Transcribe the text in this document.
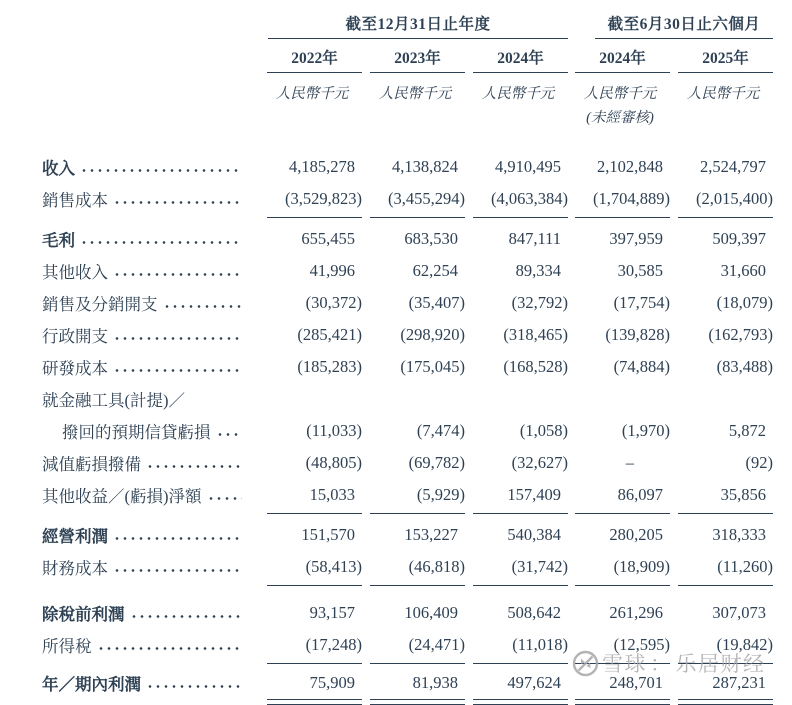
截至12月31日止年度	截至6月30日止六個月
2022年	2023年	2024年	2024年	2025年
人民幣千元	人民幣千元	人民幣千元	人民幣千元	人民幣千元
(未經審核)
收入	4,185,278	4,138,824	4,910,495	2,102,848	2,524,797
銷售成本	(3,529,823)	(3,455,294)	(4,063,384)	(1,704,889)	(2,015,400)
毛利	655,455	683,530	847,111	397,959	509,397
其他收入	41,996	62,254	89,334	30,585	31,660
銷售及分銷開支	(30,372)	(35,407)	(32,792)	(17,754)	(18,079)
行政開支	(285,421)	(298,920)	(318,465)	(139,828)	(162,793)
研發成本	(185,283)	(175,045)	(168,528)	(74,884)	(83,488)
就金融工具(計提)／
撥回的預期信貸虧損	(11,033)	(7,474)	(1,058)	(1,970)	5,872
減值虧損撥備	(48,805)	(69,782)	(32,627)	–	(92)
其他收益／(虧損)淨額	15,033	(5,929)	157,409	86,097	35,856
經營利潤	151,570	153,227	540,384	280,205	318,333
財務成本	(58,413)	(46,818)	(31,742)	(18,909)	(11,260)
除稅前利潤	93,157	106,409	508,642	261,296	307,073
所得稅	(17,248)	(24,471)	(11,018)	(12,595)	(19,842)
年／期內利潤	75,909	81,938	497,624	248,701	287,231
雪球 ： 乐居财经
